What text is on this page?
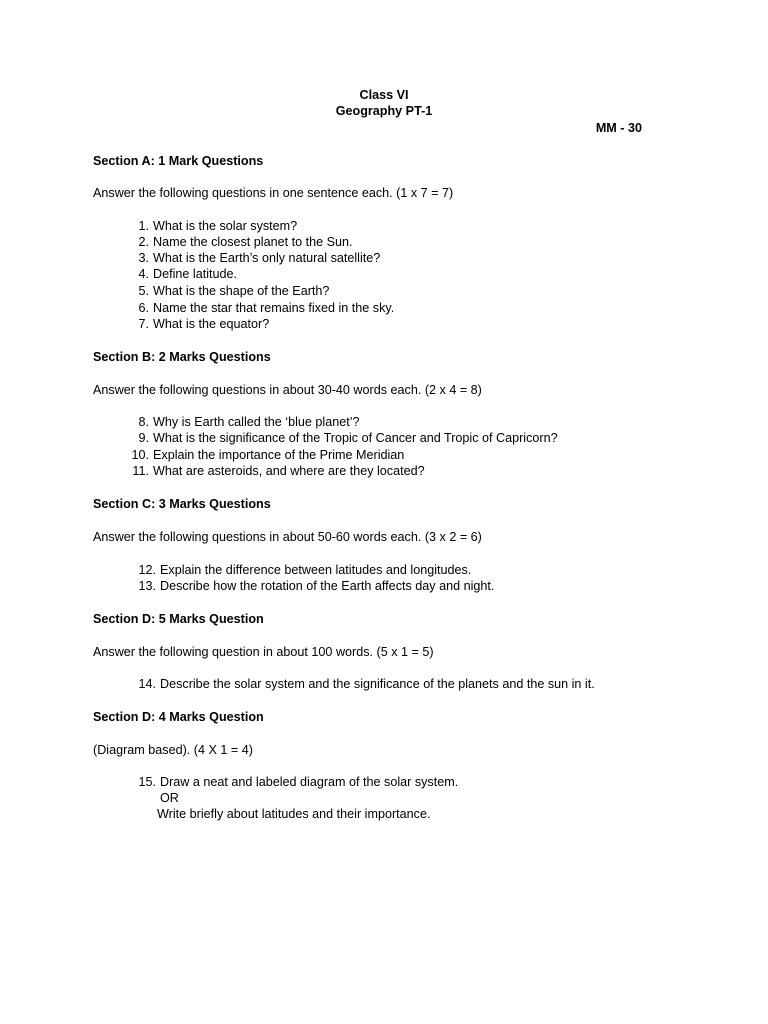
Class VI
Geography PT-1
MM - 30
Section A: 1 Mark Questions
Answer the following questions in one sentence each. (1 x 7 = 7)
1. What is the solar system?
2. Name the closest planet to the Sun.
3. What is the Earth’s only natural satellite?
4. Define latitude.
5. What is the shape of the Earth?
6. Name the star that remains fixed in the sky.
7. What is the equator?
Section B: 2 Marks Questions
Answer the following questions in about 30-40 words each. (2 x 4 = 8)
8. Why is Earth called the ‘blue planet’?
9. What is the significance of the Tropic of Cancer and Tropic of Capricorn?
10. Explain the importance of the Prime Meridian
11. What are asteroids, and where are they located?
Section C: 3 Marks Questions
Answer the following questions in about 50-60 words each. (3 x 2 = 6)
12. Explain the difference between latitudes and longitudes.
13. Describe how the rotation of the Earth affects day and night.
Section D: 5 Marks Question
Answer the following question in about 100 words. (5 x 1 = 5)
14. Describe the solar system and the significance of the planets and the sun in it.
Section D: 4 Marks Question
(Diagram based). (4 X 1 = 4)
15. Draw a neat and labeled diagram of the solar system.
OR
Write briefly about latitudes and their importance.
